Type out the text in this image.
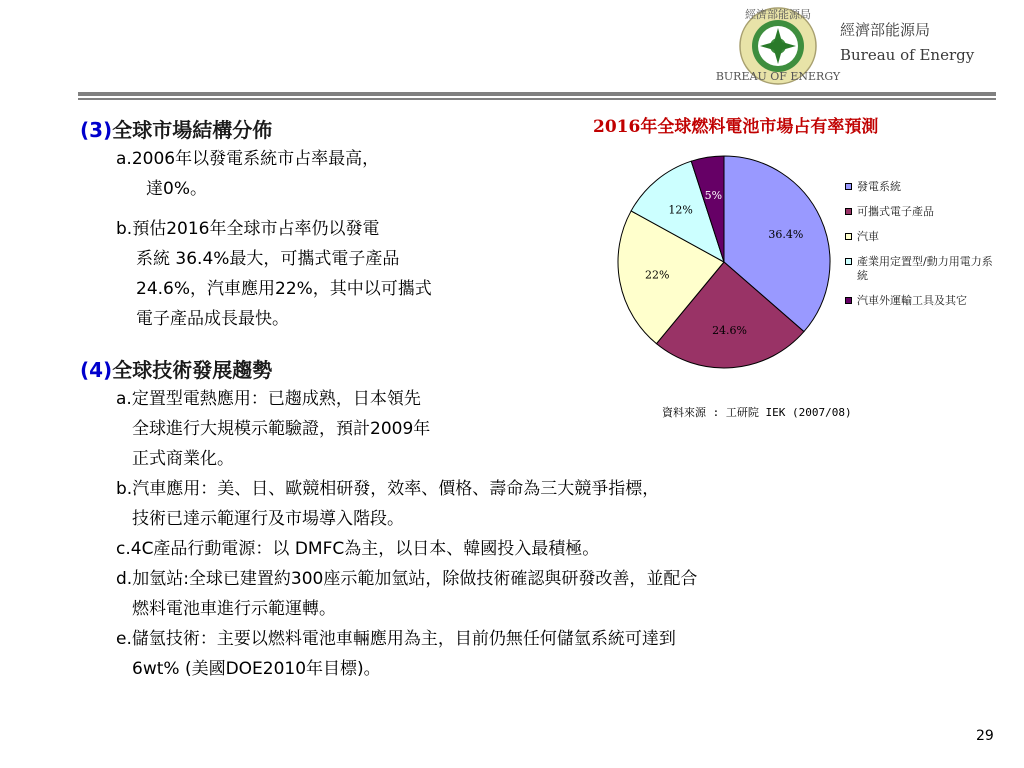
經濟部能源局
BUREAU OF ENERGY
經濟部能源局
Bureau of Energy
(3)全球市場結構分佈
a.2006年以發電系統市占率最高，
達0%。
b.預估2016年全球市占率仍以發電
系統 36.4%最大，可攜式電子產品
24.6%，汽車應用22%，其中以可攜式
電子產品成長最快。
2016年全球燃料電池市場占有率預測
36.4%
24.6%
22%
12%
5%
發電系統
可攜式電子產品
汽車
產業用定置型/動力用電力系統
汽車外運輸工具及其它
資料來源 : 工研院 IEK (2007/08)
(4)全球技術發展趨勢
a.定置型電熱應用：已趨成熟，日本領先
全球進行大規模示範驗證，預計2009年
正式商業化。
b.汽車應用：美、日、歐競相研發，效率、價格、壽命為三大競爭指標，
技術已達示範運行及市場導入階段。
c.4C產品行動電源：以 DMFC為主，以日本、韓國投入最積極。
d.加氫站:全球已建置約300座示範加氫站，除做技術確認與研發改善，並配合
燃料電池車進行示範運轉。
e.儲氫技術：主要以燃料電池車輛應用為主，目前仍無任何儲氫系統可達到
6wt% (美國DOE2010年目標)。
29
